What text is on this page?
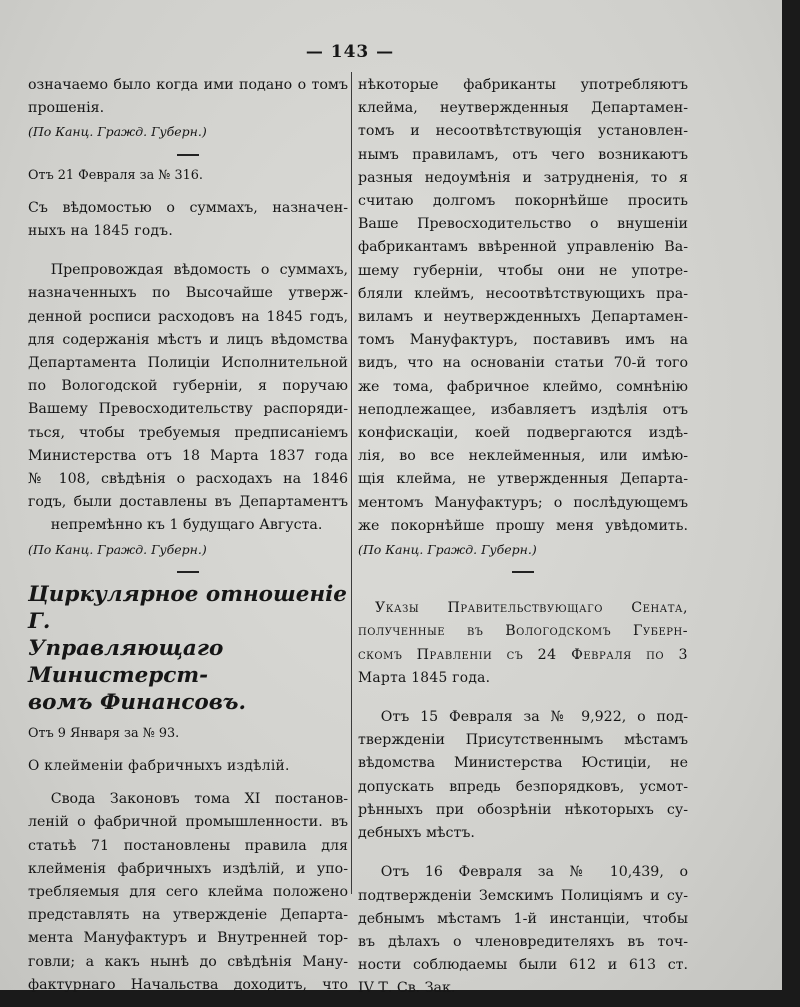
— 143 —

означаемо было когда ими подано о томъ

прошенія.

(По Канц. Гражд. Губерн.)

Отъ 21 Февраля за № 316.

Съ вѣдомостью о суммахъ, назначен-

ныхъ на 1845 годъ.

Препровождая вѣдомость о суммахъ,

назначенныхъ по Высочайше утверж-

денной росписи расходовъ на 1845 годъ,

для содержанія мѣстъ и лицъ вѣдомства

Департамента Полиціи Исполнительной

по Вологодской губерніи, я поручаю

Вашему Превосходительству распоряди-

ться, чтобы требуемыя предписаніемъ

Министерства отъ 18 Марта 1837 года

№ 108, свѣдѣнія о расходахъ на 1846

годъ, были доставлены въ Департаментъ

непремѣнно къ 1 будущаго Августа.

(По Канц. Гражд. Губерн.)

Циркулярное отношеніе Г.
Управляющаго Министерст-
вомъ Финансовъ.

Отъ 9 Января за № 93.

О клейменіи фабричныхъ издѣлій.

Свода Законовъ тома XI постанов-

леній о фабричной промышленности. въ

статьѣ 71 постановлены правила для

клейменія фабричныхъ издѣлій, и упо-

требляемыя для сего клейма положено

представлять на утвержденіе Департа-

мента Мануфактуръ и Внутренней тор-

говли; а какъ нынѣ до свѣдѣнія Ману-

фактурнаго Начальства доходитъ, что

нѣкоторые фабриканты употребляютъ

клейма, неутвержденныя Департамен-

томъ и несоотвѣтствующія установлен-

нымъ правиламъ, отъ чего возникаютъ

разныя недоумѣнія и затрудненія, то я

считаю долгомъ покорнѣйше просить

Ваше Превосходительство о внушеніи

фабрикантамъ ввѣренной управленію Ва-

шему губерніи, чтобы они не употре-

бляли клеймъ, несоотвѣтствующихъ пра-

виламъ и неутвержденныхъ Департамен-

томъ Мануфактуръ, поставивъ имъ на

видъ, что на основаніи статьи 70-й того

же тома, фабричное клеймо, сомнѣнію

неподлежащее, избавляетъ издѣлія отъ

конфискаціи, коей подвергаются издѣ-

лія, во все неклейменныя, или имѣю-

щія клейма, не утвержденныя Департа-

ментомъ Мануфактуръ; о послѣдующемъ

же покорнѣйше прошу меня увѣдомить.

(По Канц. Гражд. Губерн.)

Указы Правительствующаго Сената,

полученные въ Вологодскомъ Губерн-

скомъ Правленіи съ 24 Февраля по 3

Марта 1845 года.

Отъ 15 Февраля за № 9,922, о под-

твержденіи Присутственнымъ мѣстамъ

вѣдомства Министерства Юстиціи, не

допускать впредь безпорядковъ, усмот-

рѣнныхъ при обозрѣніи нѣкоторыхъ су-

дебныхъ мѣстъ.

Отъ 16 Февраля за № 10,439, о

подтвержденіи Земскимъ Полиціямъ и су-

дебнымъ мѣстамъ 1-й инстанціи, чтобы

въ дѣлахъ о членовредителяхъ въ точ-

ности соблюдаемы были 612 и 613 ст.

IV Т. Св. Зак.
